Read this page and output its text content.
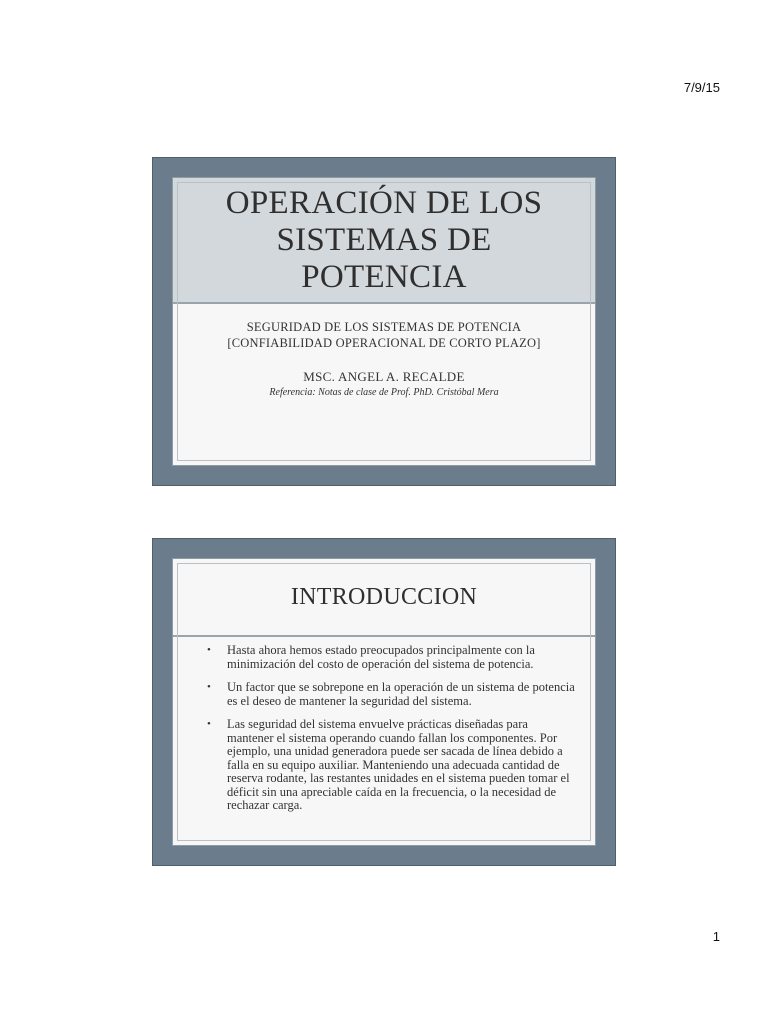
7/9/15
OPERACIÓN DE LOS SISTEMAS DE POTENCIA
SEGURIDAD DE LOS SISTEMAS DE POTENCIA
[CONFIABILIDAD OPERACIONAL DE CORTO PLAZO]
MSC. ANGEL A. RECALDE
Referencia: Notas de clase de Prof. PhD. Cristóbal Mera
INTRODUCCION
• Hasta ahora hemos estado preocupados principalmente con la minimización del costo de operación del sistema de potencia.
• Un factor que se sobrepone en la operación de un sistema de potencia es el deseo de mantener la seguridad del sistema.
• Las seguridad del sistema envuelve prácticas diseñadas para mantener el sistema operando cuando fallan los componentes. Por ejemplo, una unidad generadora puede ser sacada de línea debido a falla en su equipo auxiliar. Manteniendo una adecuada cantidad de reserva rodante, las restantes unidades en el sistema pueden tomar el déficit sin una apreciable caída en la frecuencia, o la necesidad de rechazar carga.
1
